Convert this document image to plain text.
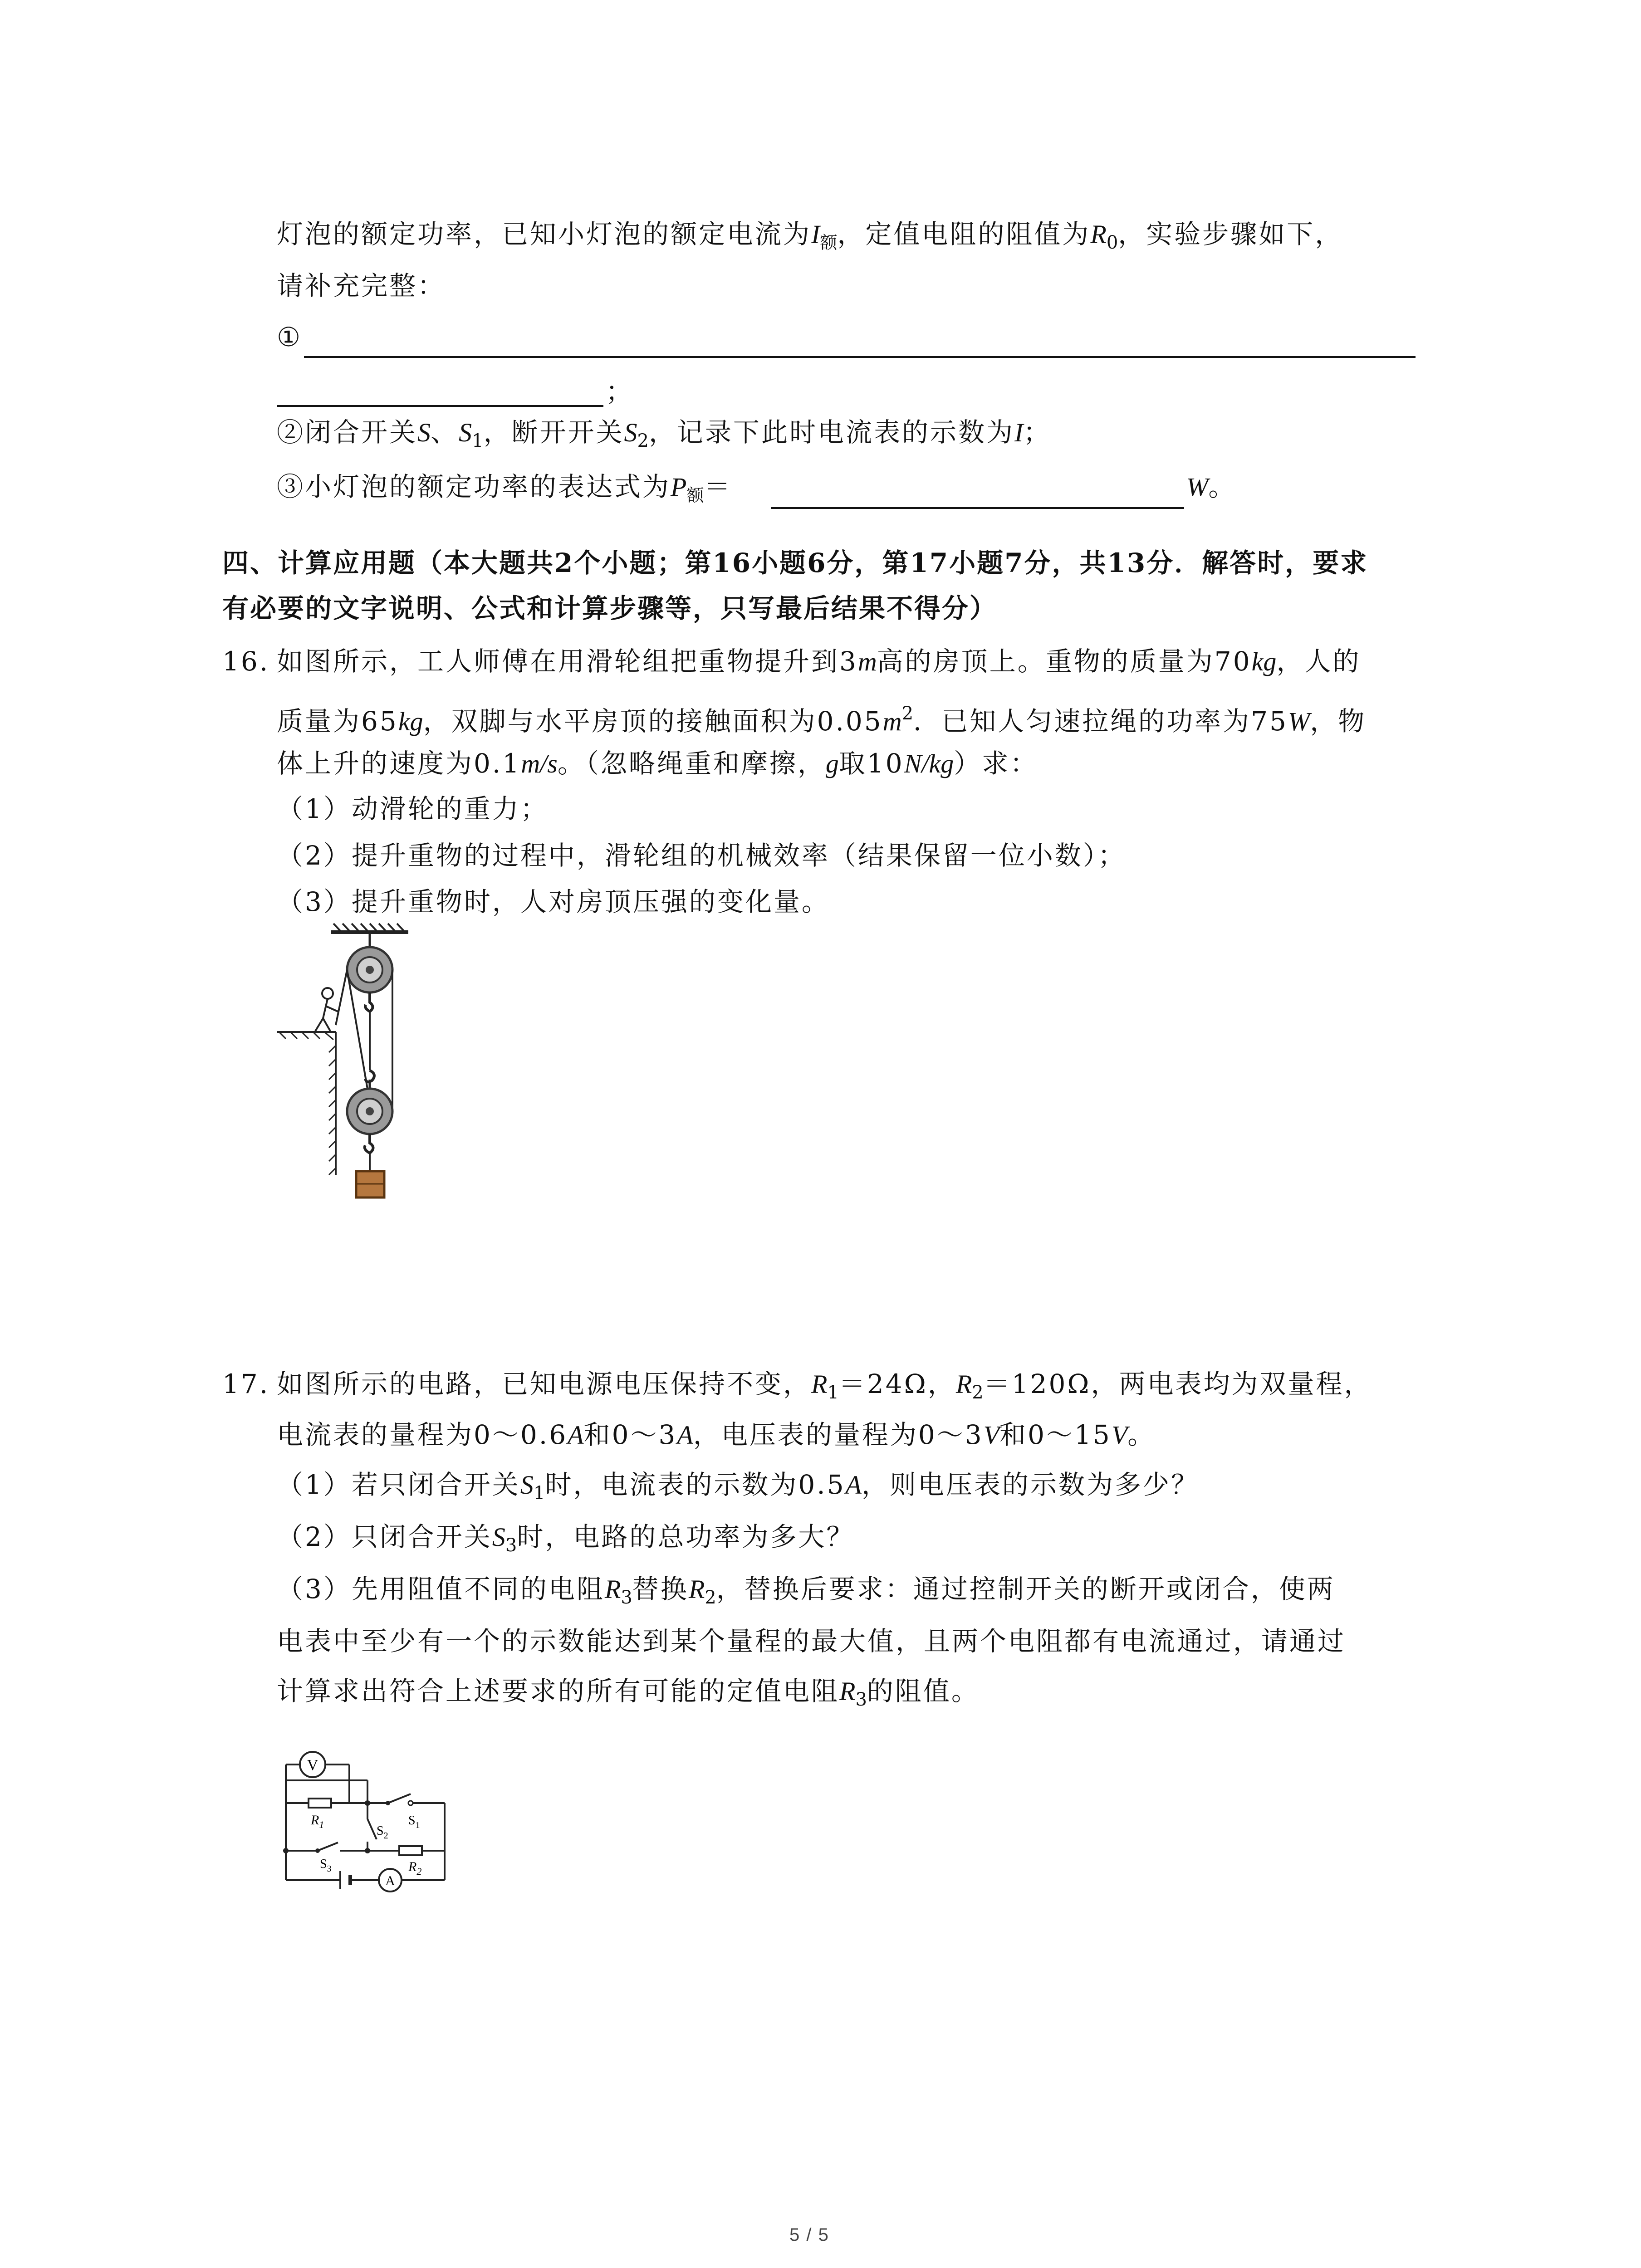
灯泡的额定功率，已知小灯泡的额定电流为$I_额$，定值电阻的阻值为$R_0$，实验步骤如下，
请补充完整：
①
；
②闭合开关S、$S_1$，断开开关$S_2$，记录下此时电流表的示数为I；
③小灯泡的额定功率的表达式为$P_额=$	W。
四、计算应用题（本大题共2个小题；第16小题6分，第17小题7分，共13分．解答时，要求
有必要的文字说明、公式和计算步骤等，只写最后结果不得分）
16. 如图所示，工人师傅在用滑轮组把重物提升到3m高的房顶上。重物的质量为70kg，人的
质量为65kg，双脚与水平房顶的接触面积为$0.05m^2$．已知人匀速拉绳的功率为75W，物
体上升的速度为0.1m/s。（忽略绳重和摩擦，g取10N/kg）求：
（1）动滑轮的重力；
（2）提升重物的过程中，滑轮组的机械效率（结果保留一位小数）；
（3）提升重物时，人对房顶压强的变化量。
17. 如图所示的电路，已知电源电压保持不变，$R_1=24\Omega$，$R_2=120\Omega$，两电表均为双量程，
电流表的量程为0～0.6A和0～3A，电压表的量程为0～3V和0～15V。
（1）若只闭合开关$S_1$时，电流表的示数为0.5A，则电压表的示数为多少？
（2）只闭合开关$S_3$时，电路的总功率为多大？
（3）先用阻值不同的电阻$R_3$替换$R_2$，替换后要求：通过控制开关的断开或闭合，使两
电表中至少有一个的示数能达到某个量程的最大值，且两个电阻都有电流通过，请通过
计算求出符合上述要求的所有可能的定值电阻$R_3$的阻值。
V
$R_1$	$S_1$
$S_2$
$S_3$	$R_2$
A
5 / 5
